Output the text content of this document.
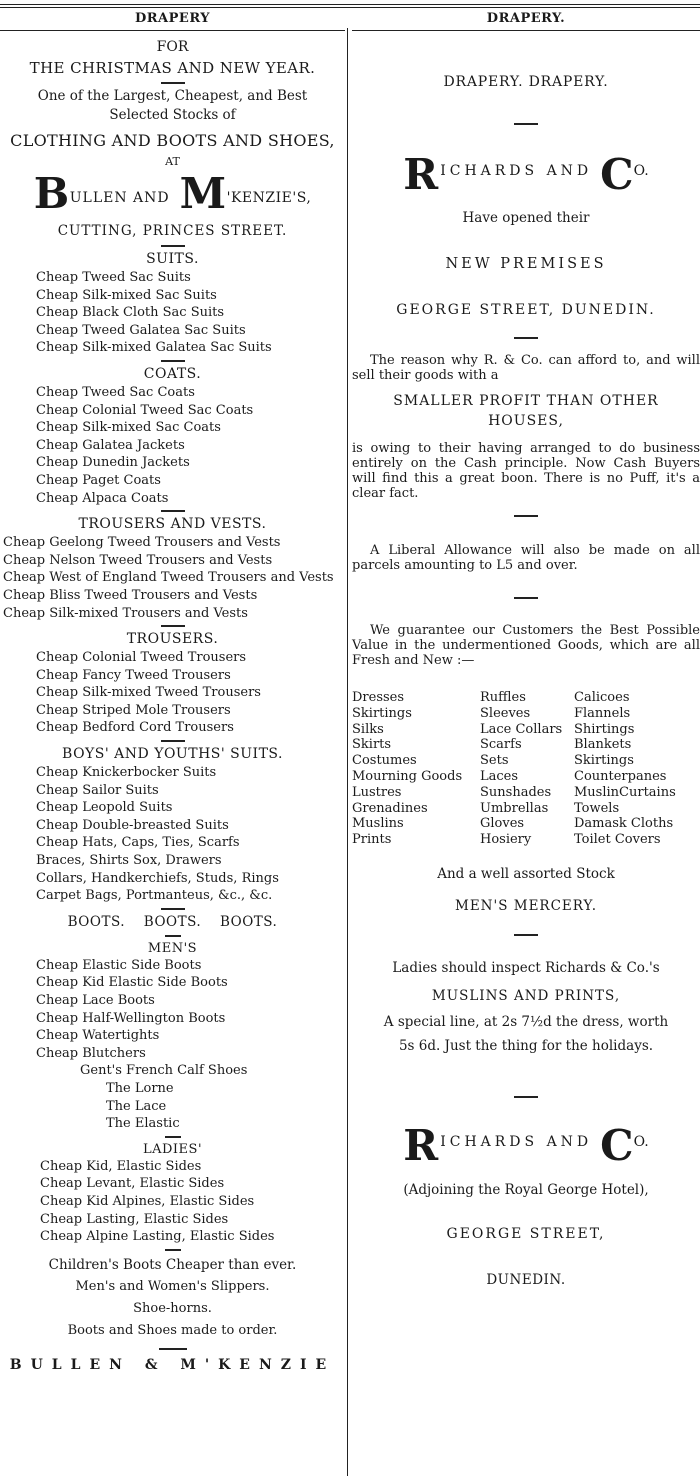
DRAPERY
FOR
THE CHRISTMAS AND NEW YEAR.
One of the Largest, Cheapest, and Best
Selected Stocks of
CLOTHING AND BOOTS AND SHOES,
AT
B ULLEN AND M 'KENZIE'S,
CUTTING, PRINCES STREET.
SUITS.
Cheap Tweed Sac Suits
Cheap Silk-mixed Sac Suits
Cheap Black Cloth Sac Suits
Cheap Tweed Galatea Sac Suits
Cheap Silk-mixed Galatea Sac Suits
COATS.
Cheap Tweed Sac Coats
Cheap Colonial Tweed Sac Coats
Cheap Silk-mixed Sac Coats
Cheap Galatea Jackets
Cheap Dunedin Jackets
Cheap Paget Coats
Cheap Alpaca Coats
TROUSERS AND VESTS.
Cheap Geelong Tweed Trousers and Vests
Cheap Nelson Tweed Trousers and Vests
Cheap West of England Tweed Trousers and Vests
Cheap Bliss Tweed Trousers and Vests
Cheap Silk-mixed Trousers and Vests
TROUSERS.
Cheap Colonial Tweed Trousers
Cheap Fancy Tweed Trousers
Cheap Silk-mixed Tweed Trousers
Cheap Striped Mole Trousers
Cheap Bedford Cord Trousers
BOYS' AND YOUTHS' SUITS.
Cheap Knickerbocker Suits
Cheap Sailor Suits
Cheap Leopold Suits
Cheap Double-breasted Suits
Cheap Hats, Caps, Ties, Scarfs
Braces, Shirts Sox, Drawers
Collars, Handkerchiefs, Studs, Rings
Carpet Bags, Portmanteus, &c., &c.
BOOTS. BOOTS. BOOTS.
MEN'S
Cheap Elastic Side Boots
Cheap Kid Elastic Side Boots
Cheap Lace Boots
Cheap Half-Wellington Boots
Cheap Watertights
Cheap Blutchers
Gent's French Calf Shoes
The Lorne
The Lace
The Elastic
LADIES'
Cheap Kid, Elastic Sides
Cheap Levant, Elastic Sides
Cheap Kid Alpines, Elastic Sides
Cheap Lasting, Elastic Sides
Cheap Alpine Lasting, Elastic Sides
Children's Boots Cheaper than ever.
Men's and Women's Slippers.
Shoe-horns.
Boots and Shoes made to order.
BULLEN & M'KENZIE
DRAPERY.
DRAPERY. DRAPERY.
R ICHARDS AND C O.
Have opened their
NEW PREMISES
GEORGE STREET, DUNEDIN.
The reason why R. & Co. can afford to, and will sell their goods with a
SMALLER PROFIT THAN OTHER HOUSES,
is owing to their having arranged to do business entirely on the Cash principle. Now Cash Buyers will find this a great boon. There is no Puff, it's a clear fact.
A Liberal Allowance will also be made on all parcels amounting to L5 and over.
We guarantee our Customers the Best Possible Value in the undermentioned Goods, which are all Fresh and New :—
Dresses	Ruffles	Calicoes
Skirtings	Sleeves	Flannels
Silks	Lace Collars Shirtings
Skirts	Scarfs	Blankets
Costumes	Sets	Skirtings
Mourning Goods	Laces	Counterpanes
Lustres	Sunshades	MuslinCurtains
Grenadines	Umbrellas	Towels
Muslins	Gloves	Damask Cloths
Prints	Hosiery	Toilet Covers
And a well assorted Stock
MEN'S MERCERY.
Ladies should inspect Richards & Co.'s
MUSLINS AND PRINTS,
A special line, at 2s 7½d the dress, worth
5s 6d. Just the thing for the holidays.
R ICHARDS AND C O.
(Adjoining the Royal George Hotel),
GEORGE STREET,
DUNEDIN.
